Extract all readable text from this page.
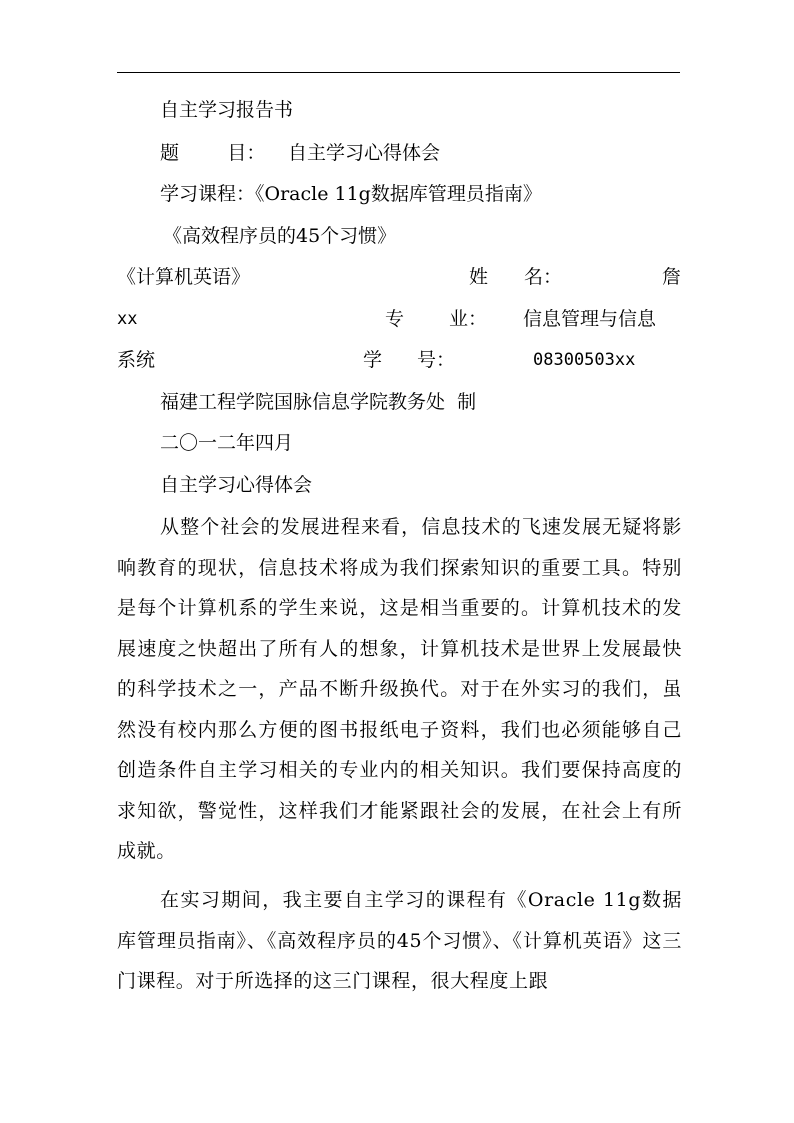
自主学习报告书
题        目：	自主学习心得体会
学习课程：《Oracle 11g数据库管理员指南》
《高效程序员的45个习惯》
《计算机英语》	姓 名：	詹
xx	专 业： 信息管理与信息
系统	学 号：	08300503xx
福建工程学院国脉信息学院教务处  制
二〇一二年四月
自主学习心得体会
从整个社会的发展进程来看，信息技术的飞速发展无疑将影响教育的现状，信息技术将成为我们探索知识的重要工具。特别是每个计算机系的学生来说，这是相当重要的。计算机技术的发展速度之快超出了所有人的想象，计算机技术是世界上发展最快的科学技术之一，产品不断升级换代。对于在外实习的我们，虽然没有校内那么方便的图书报纸电子资料，我们也必须能够自己创造条件自主学习相关的专业内的相关知识。我们要保持高度的求知欲，警觉性，这样我们才能紧跟社会的发展，在社会上有所成就。
在实习期间，我主要自主学习的课程有《Oracle 11g数据库管理员指南》、《高效程序员的45个习惯》、《计算机英语》这三门课程。对于所选择的这三门课程，很大程度上跟
